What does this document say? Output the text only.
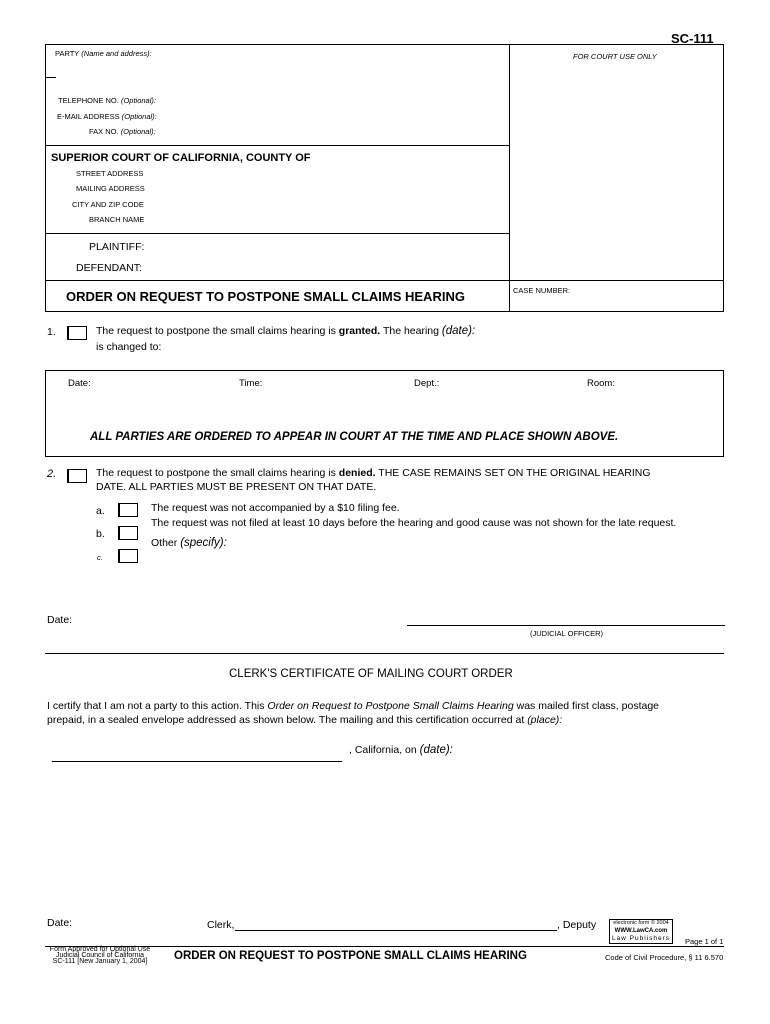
SC-111
PARTY (Name and address):	FOR COURT USE ONLY
TELEPHONE NO. (Optional):
E-MAIL ADDRESS (Optional):
FAX NO. (Optional):
SUPERIOR COURT OF CALIFORNIA, COUNTY OF
STREET ADDRESS
MAILING ADDRESS
CITY AND ZIP CODE
BRANCH NAME
PLAINTIFF:
DEFENDANT:
ORDER ON REQUEST TO POSTPONE SMALL CLAIMS HEARING	CASE NUMBER:
1.	The request to postpone the small claims hearing is granted. The hearing (date):
is changed to:
Date:	Time:	Dept.:	Room:
ALL PARTIES ARE ORDERED TO APPEAR IN COURT AT THE TIME AND PLACE SHOWN ABOVE.
2.	The request to postpone the small claims hearing is denied. THE CASE REMAINS SET ON THE ORIGINAL HEARING
DATE. ALL PARTIES MUST BE PRESENT ON THAT DATE.
a.	The request was not accompanied by a $10 filing fee.
b.
The request was not filed at least 10 days before the hearing and good cause was not shown for the late request.
c.
Other (specify):
Date:
(JUDICIAL OFFICER)
CLERK'S CERTIFICATE OF MAILING COURT ORDER
I certify that I am not a party to this action. This Order on Request to Postpone Small Claims Hearing was mailed first class, postage
prepaid, in a sealed envelope addressed as shown below. The mailing and this certification occurred at (place):
, California, on (date):
Date:	Clerk,	, Deputy	electronic form © 2004
WWW.LawCA.com
Law Publishers Page 1 of 1
Form Approved for Optional Use
Judicial Council of California
SC-111 [New January 1, 2004]	ORDER ON REQUEST TO POSTPONE SMALL CLAIMS HEARING	Code of Civil Procedure, § 11 6.570
